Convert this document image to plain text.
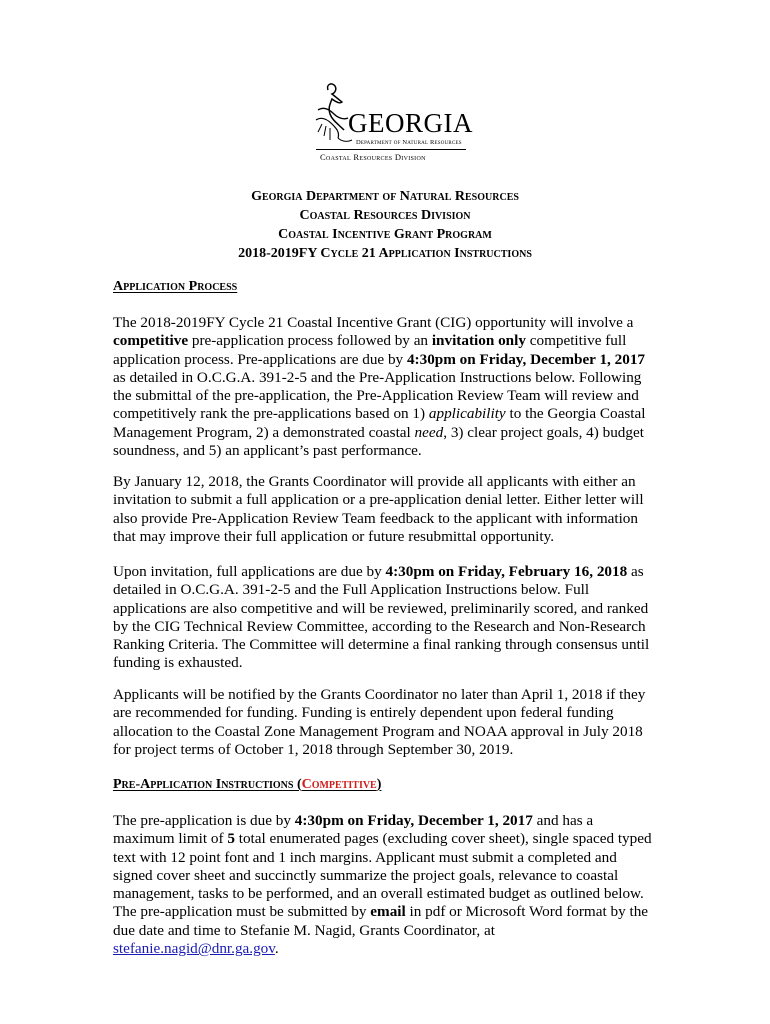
GEORGIA
Department of Natural Resources
Coastal Resources Division
Georgia Department of Natural Resources
Coastal Resources Division
Coastal Incentive Grant Program
2018-2019FY Cycle 21 Application Instructions
Application Process

The 2018-2019FY Cycle 21 Coastal Incentive Grant (CIG) opportunity will involve a competitive pre-application process followed by an invitation only competitive full application process. Pre-applications are due by 4:30pm on Friday, December 1, 2017 as detailed in O.C.G.A. 391-2-5 and the Pre-Application Instructions below. Following the submittal of the pre-application, the Pre-Application Review Team will review and competitively rank the pre-applications based on 1) applicability to the Georgia Coastal Management Program, 2) a demonstrated coastal need, 3) clear project goals, 4) budget soundness, and 5) an applicant’s past performance.

By January 12, 2018, the Grants Coordinator will provide all applicants with either an invitation to submit a full application or a pre-application denial letter. Either letter will also provide Pre-Application Review Team feedback to the applicant with information that may improve their full application or future resubmittal opportunity.

Upon invitation, full applications are due by 4:30pm on Friday, February 16, 2018 as detailed in O.C.G.A. 391-2-5 and the Full Application Instructions below. Full applications are also competitive and will be reviewed, preliminarily scored, and ranked by the CIG Technical Review Committee, according to the Research and Non-Research Ranking Criteria. The Committee will determine a final ranking through consensus until funding is exhausted.

Applicants will be notified by the Grants Coordinator no later than April 1, 2018 if they are recommended for funding. Funding is entirely dependent upon federal funding allocation to the Coastal Zone Management Program and NOAA approval in July 2018 for project terms of October 1, 2018 through September 30, 2019.

Pre-Application Instructions (Competitive)

The pre-application is due by 4:30pm on Friday, December 1, 2017 and has a maximum limit of 5 total enumerated pages (excluding cover sheet), single spaced typed text with 12 point font and 1 inch margins. Applicant must submit a completed and signed cover sheet and succinctly summarize the project goals, relevance to coastal management, tasks to be performed, and an overall estimated budget as outlined below. The pre-application must be submitted by email in pdf or Microsoft Word format by the due date and time to Stefanie M. Nagid, Grants Coordinator, at stefanie.nagid@dnr.ga.gov.
